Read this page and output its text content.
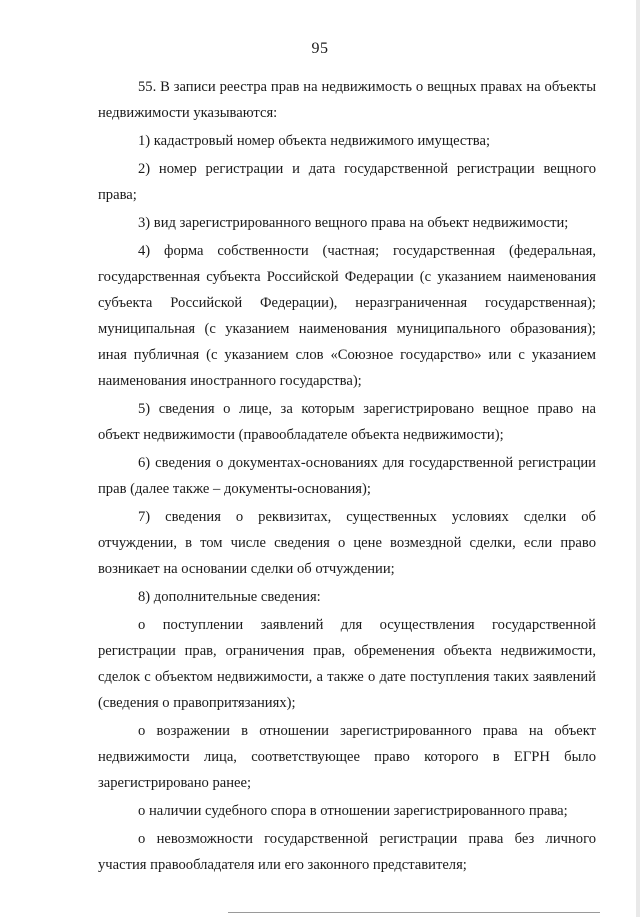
95

55. В записи реестра прав на недвижимость о вещных правах на объекты недвижимости указываются:

1) кадастровый номер объекта недвижимого имущества;

2) номер регистрации и дата государственной регистрации вещного права;

3) вид зарегистрированного вещного права на объект недвижимости;

4) форма собственности (частная; государственная (федеральная, государственная субъекта Российской Федерации (с указанием наименования субъекта Российской Федерации), неразграниченная государственная); муниципальная (с указанием наименования муниципального образования); иная публичная (с указанием слов «Союзное государство» или с указанием наименования иностранного государства);

5) сведения о лице, за которым зарегистрировано вещное право на объект недвижимости (правообладателе объекта недвижимости);

6) сведения о документах-основаниях для государственной регистрации прав (далее также – документы-основания);

7) сведения о реквизитах, существенных условиях сделки об отчуждении, в том числе сведения о цене возмездной сделки, если право возникает на основании сделки об отчуждении;

8) дополнительные сведения:

о поступлении заявлений для осуществления государственной регистрации прав, ограничения прав, обременения объекта недвижимости, сделок с объектом недвижимости, а также о дате поступления таких заявлений (сведения о правопритязаниях);

о возражении в отношении зарегистрированного права на объект недвижимости лица, соответствующее право которого в ЕГРН было зарегистрировано ранее;

о наличии судебного спора в отношении зарегистрированного права;

о невозможности государственной регистрации права без личного участия правообладателя или его законного представителя;
